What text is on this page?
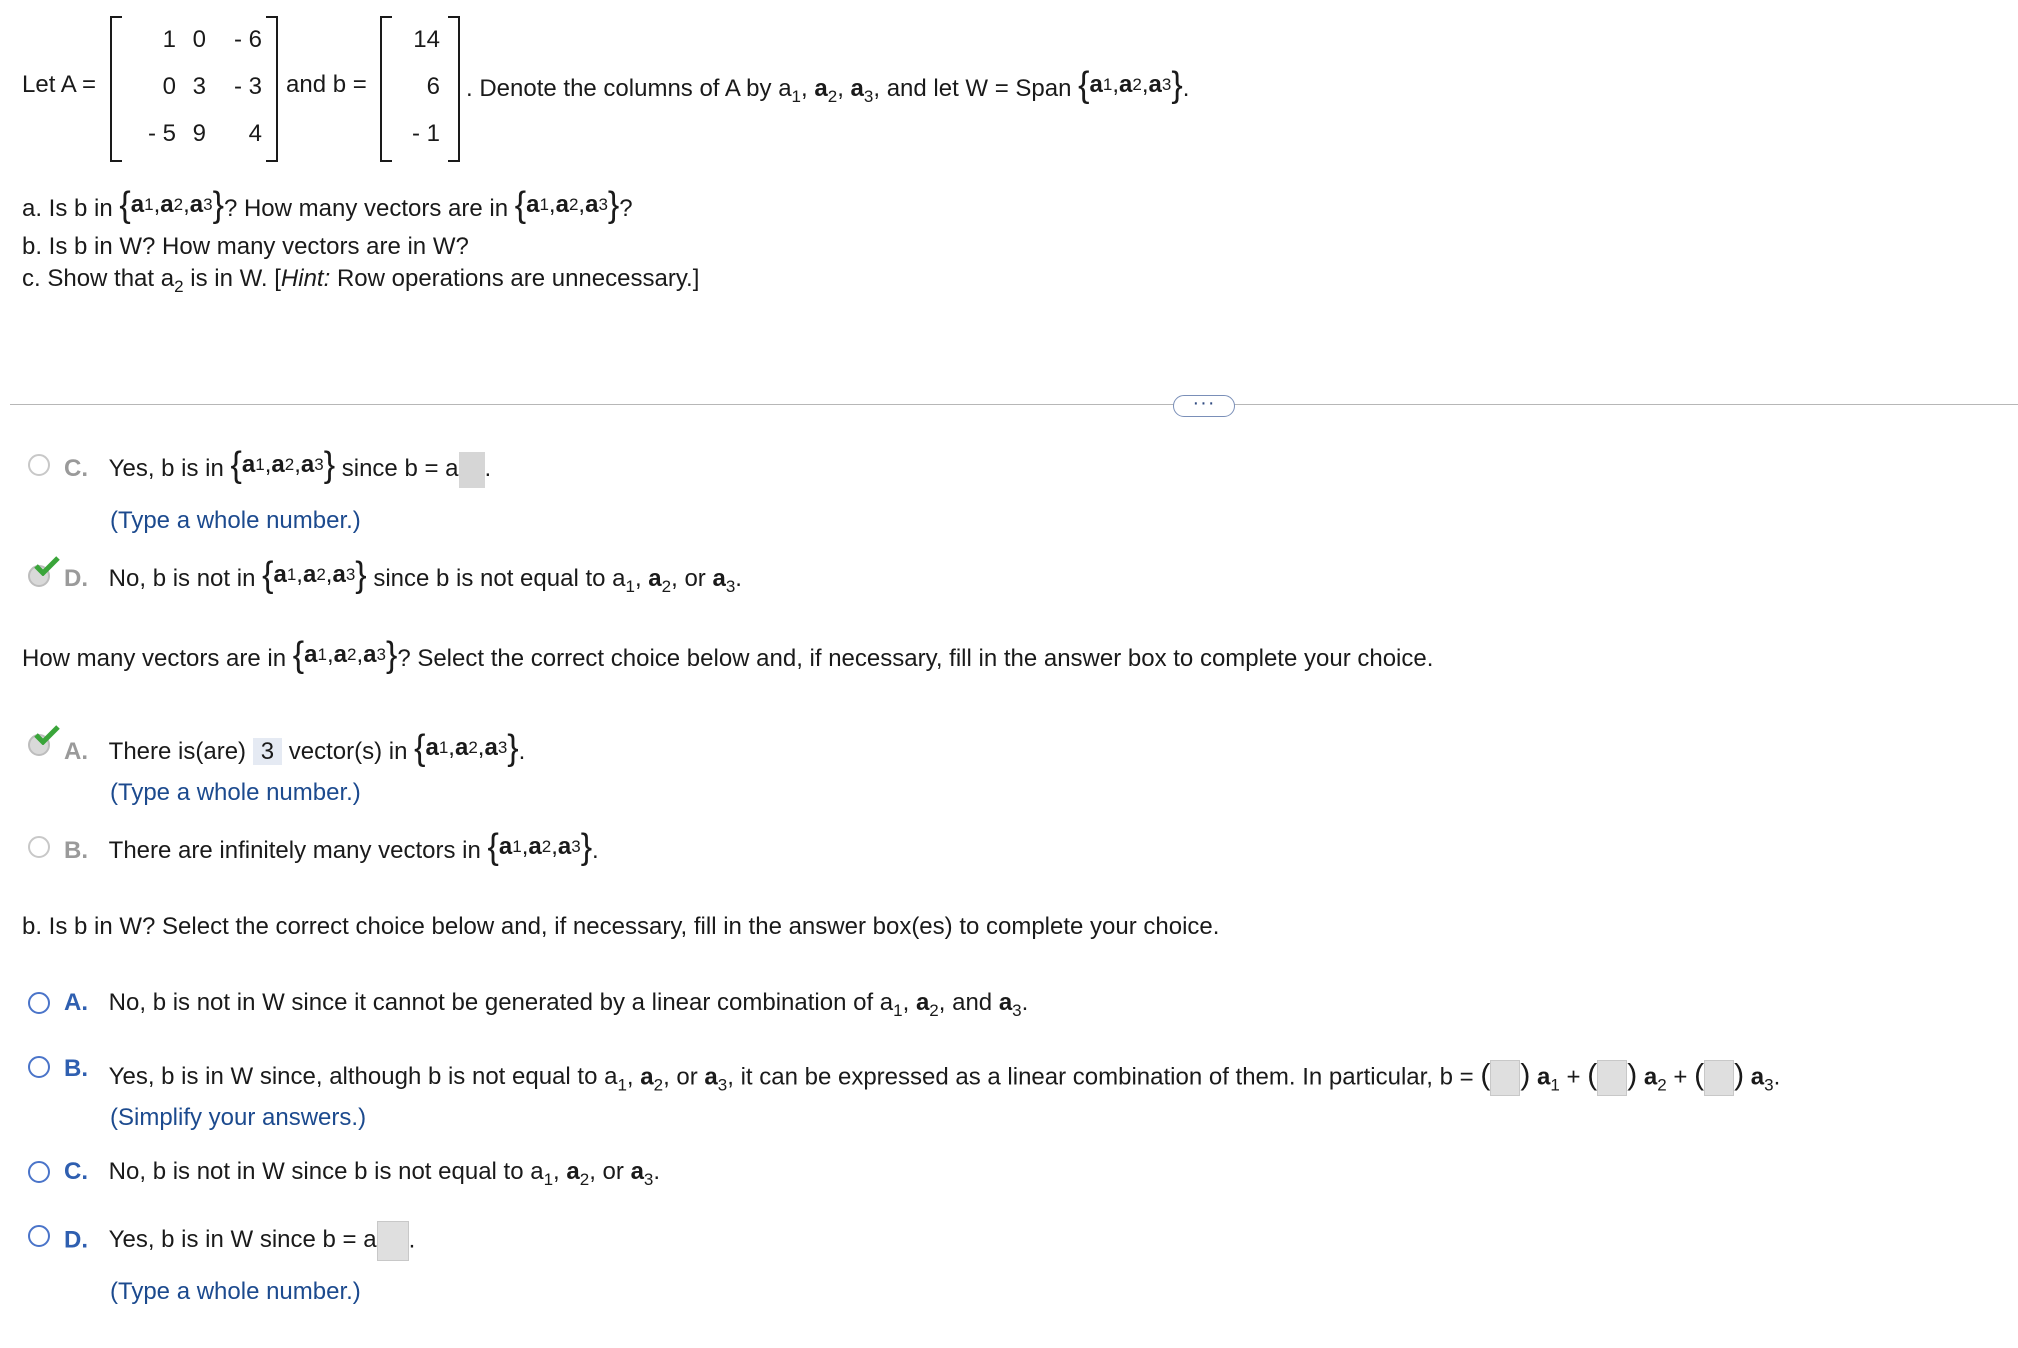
Let A =
1 0	- 6
0 3	- 3
- 5 9	4
and b =
14
6
- 1
. Denote the columns of A by $a_1$, $a_2$, $a_3$, and let W = Span { a 1 , a 2 , a 3 } .
a. Is b in { a 1 , a 2 , a 3 } ? How many vectors are in { a 1 , a 2 , a 3 } ?
b. Is b in W? How many vectors are in W?
c. Show that $a_2$ is in W. [Hint: Row operations are unnecessary.]
···
C. Yes, b is in { a 1 , a 2 , a 3 } since b = a .
(Type a whole number.)
D. No, b is not in { a 1 , a 2 , a 3 } since b is not equal to $a_1$, $a_2$, or $a_3$.
How many vectors are in { a 1 , a 2 , a 3 } ? Select the correct choice below and, if necessary, fill in the answer box to complete your choice.
A. There is(are) 3 vector(s) in { a 1 , a 2 , a 3 } .
(Type a whole number.)
B. There are infinitely many vectors in { a 1 , a 2 , a 3 } .
b. Is b in W? Select the correct choice below and, if necessary, fill in the answer box(es) to complete your choice.
A. No, b is not in W since it cannot be generated by a linear combination of $a_1$, $a_2$, and $a_3$.
B. Yes, b is in W since, although b is not equal to $a_1$, $a_2$, or $a_3$, it can be expressed as a linear combination of them. In particular, b = ( ) $a_1$ + ( ) $a_2$ + ( ) $a_3$.
(Simplify your answers.)
C. No, b is not in W since b is not equal to $a_1$, $a_2$, or $a_3$.
D. Yes, b is in W since b = a .
(Type a whole number.)
